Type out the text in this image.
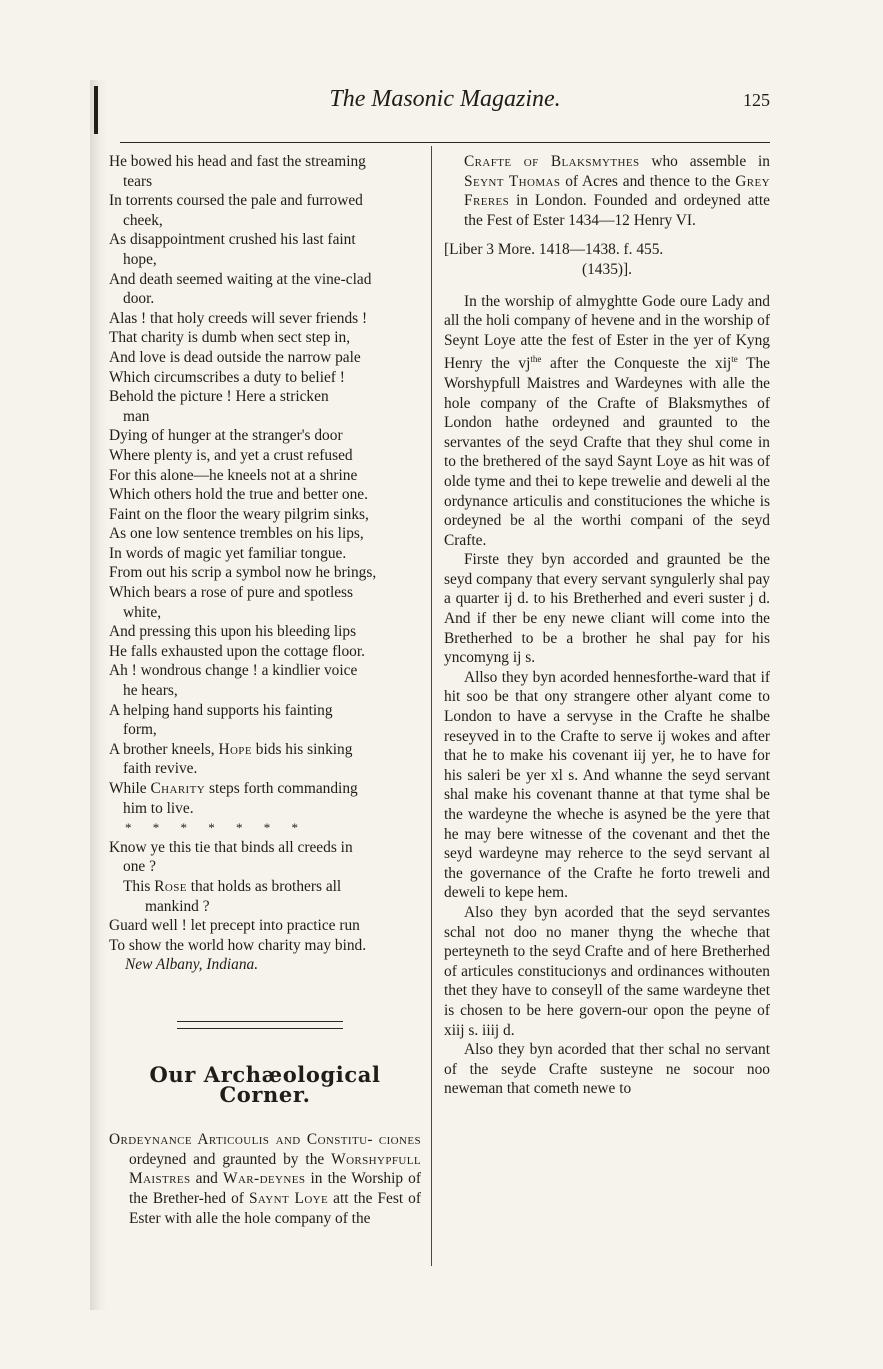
The Masonic Magazine.	125

He bowed his head and fast the streaming

tears

In torrents coursed the pale and furrowed

cheek,

As disappointment crushed his last faint

hope,

And death seemed waiting at the vine-clad

door.

Alas ! that holy creeds will sever friends !

That charity is dumb when sect step in,

And love is dead outside the narrow pale

Which circumscribes a duty to belief !

Behold the picture ! Here a stricken

man

Dying of hunger at the stranger's door

Where plenty is, and yet a crust refused

For this alone—he kneels not at a shrine

Which others hold the true and better one.

Faint on the floor the weary pilgrim sinks,

As one low sentence trembles on his lips,

In words of magic yet familiar tongue.

From out his scrip a symbol now he brings,

Which bears a rose of pure and spotless

white,

And pressing this upon his bleeding lips

He falls exhausted upon the cottage floor.

Ah ! wondrous change ! a kindlier voice

he hears,

A helping hand supports his fainting

form,

A brother kneels, Hope bids his sinking

faith revive.

While Charity steps forth commanding

him to live.

* * * * * * *

Know ye this tie that binds all creeds in

one ?

This Rose that holds as brothers all

mankind ?

Guard well ! let precept into practice run

To show the world how charity may bind.

New Albany, Indiana.

Our Archæological Corner.

Ordeynance Articoulis and Constitu- ciones ordeyned and graunted by the Worshypfull Maistres and War-deynes in the Worship of the Brether-hed of Saynt Loye att the Fest of Ester with alle the hole company of the

Crafte of Blaksmythes who assemble in Seynt Thomas of Acres and thence to the Grey Freres in London. Founded and ordeyned atte the Fest of Ester 1434—12 Henry VI.

[Liber 3 More. 1418—1438. f. 455.
(1435)].

In the worship of almyghtte Gode oure Lady and all the holi company of hevene and in the worship of Seynt Loye atte the fest of Ester in the yer of Kyng Henry the $vj^{the}$ after the Conqueste the xij$^{te}$ The Worshypfull Maistres and Wardeynes with alle the hole company of the Crafte of Blaksmythes of London hathe ordeyned and graunted to the servantes of the seyd Crafte that they shul come in to the brethered of the sayd Saynt Loye as hit was of olde tyme and thei to kepe trewelie and deweli al the ordynance articulis and constituciones the whiche is ordeyned be al the worthi compani of the seyd Crafte.

Firste they byn accorded and graunted be the seyd company that every servant syngulerly shal pay a quarter ij d. to his Bretherhed and everi suster j d. And if ther be eny newe cliant will come into the Bretherhed to be a brother he shal pay for his yncomyng ij s.

Allso they byn acorded hennesforthe-ward that if hit soo be that ony strangere other alyant come to London to have a servyse in the Crafte he shalbe reseyved in to the Crafte to serve ij wokes and after that he to make his covenant iij yer, he to have for his saleri be yer xl s. And whanne the seyd servant shal make his covenant thanne at that tyme shal be the wardeyne the wheche is asyned be the yere that he may bere witnesse of the covenant and thet the seyd wardeyne may reherce to the seyd servant al the governance of the Crafte he forto treweli and deweli to kepe hem.

Also they byn acorded that the seyd servantes schal not doo no maner thyng the wheche that perteyneth to the seyd Crafte and of here Bretherhed of articules constitucionys and ordinances withouten thet they have to conseyll of the same wardeyne thet is chosen to be here govern-our opon the peyne of xiij s. iiij d.

Also they byn acorded that ther schal no servant of the seyde Crafte susteyne ne socour noo neweman that cometh newe to
